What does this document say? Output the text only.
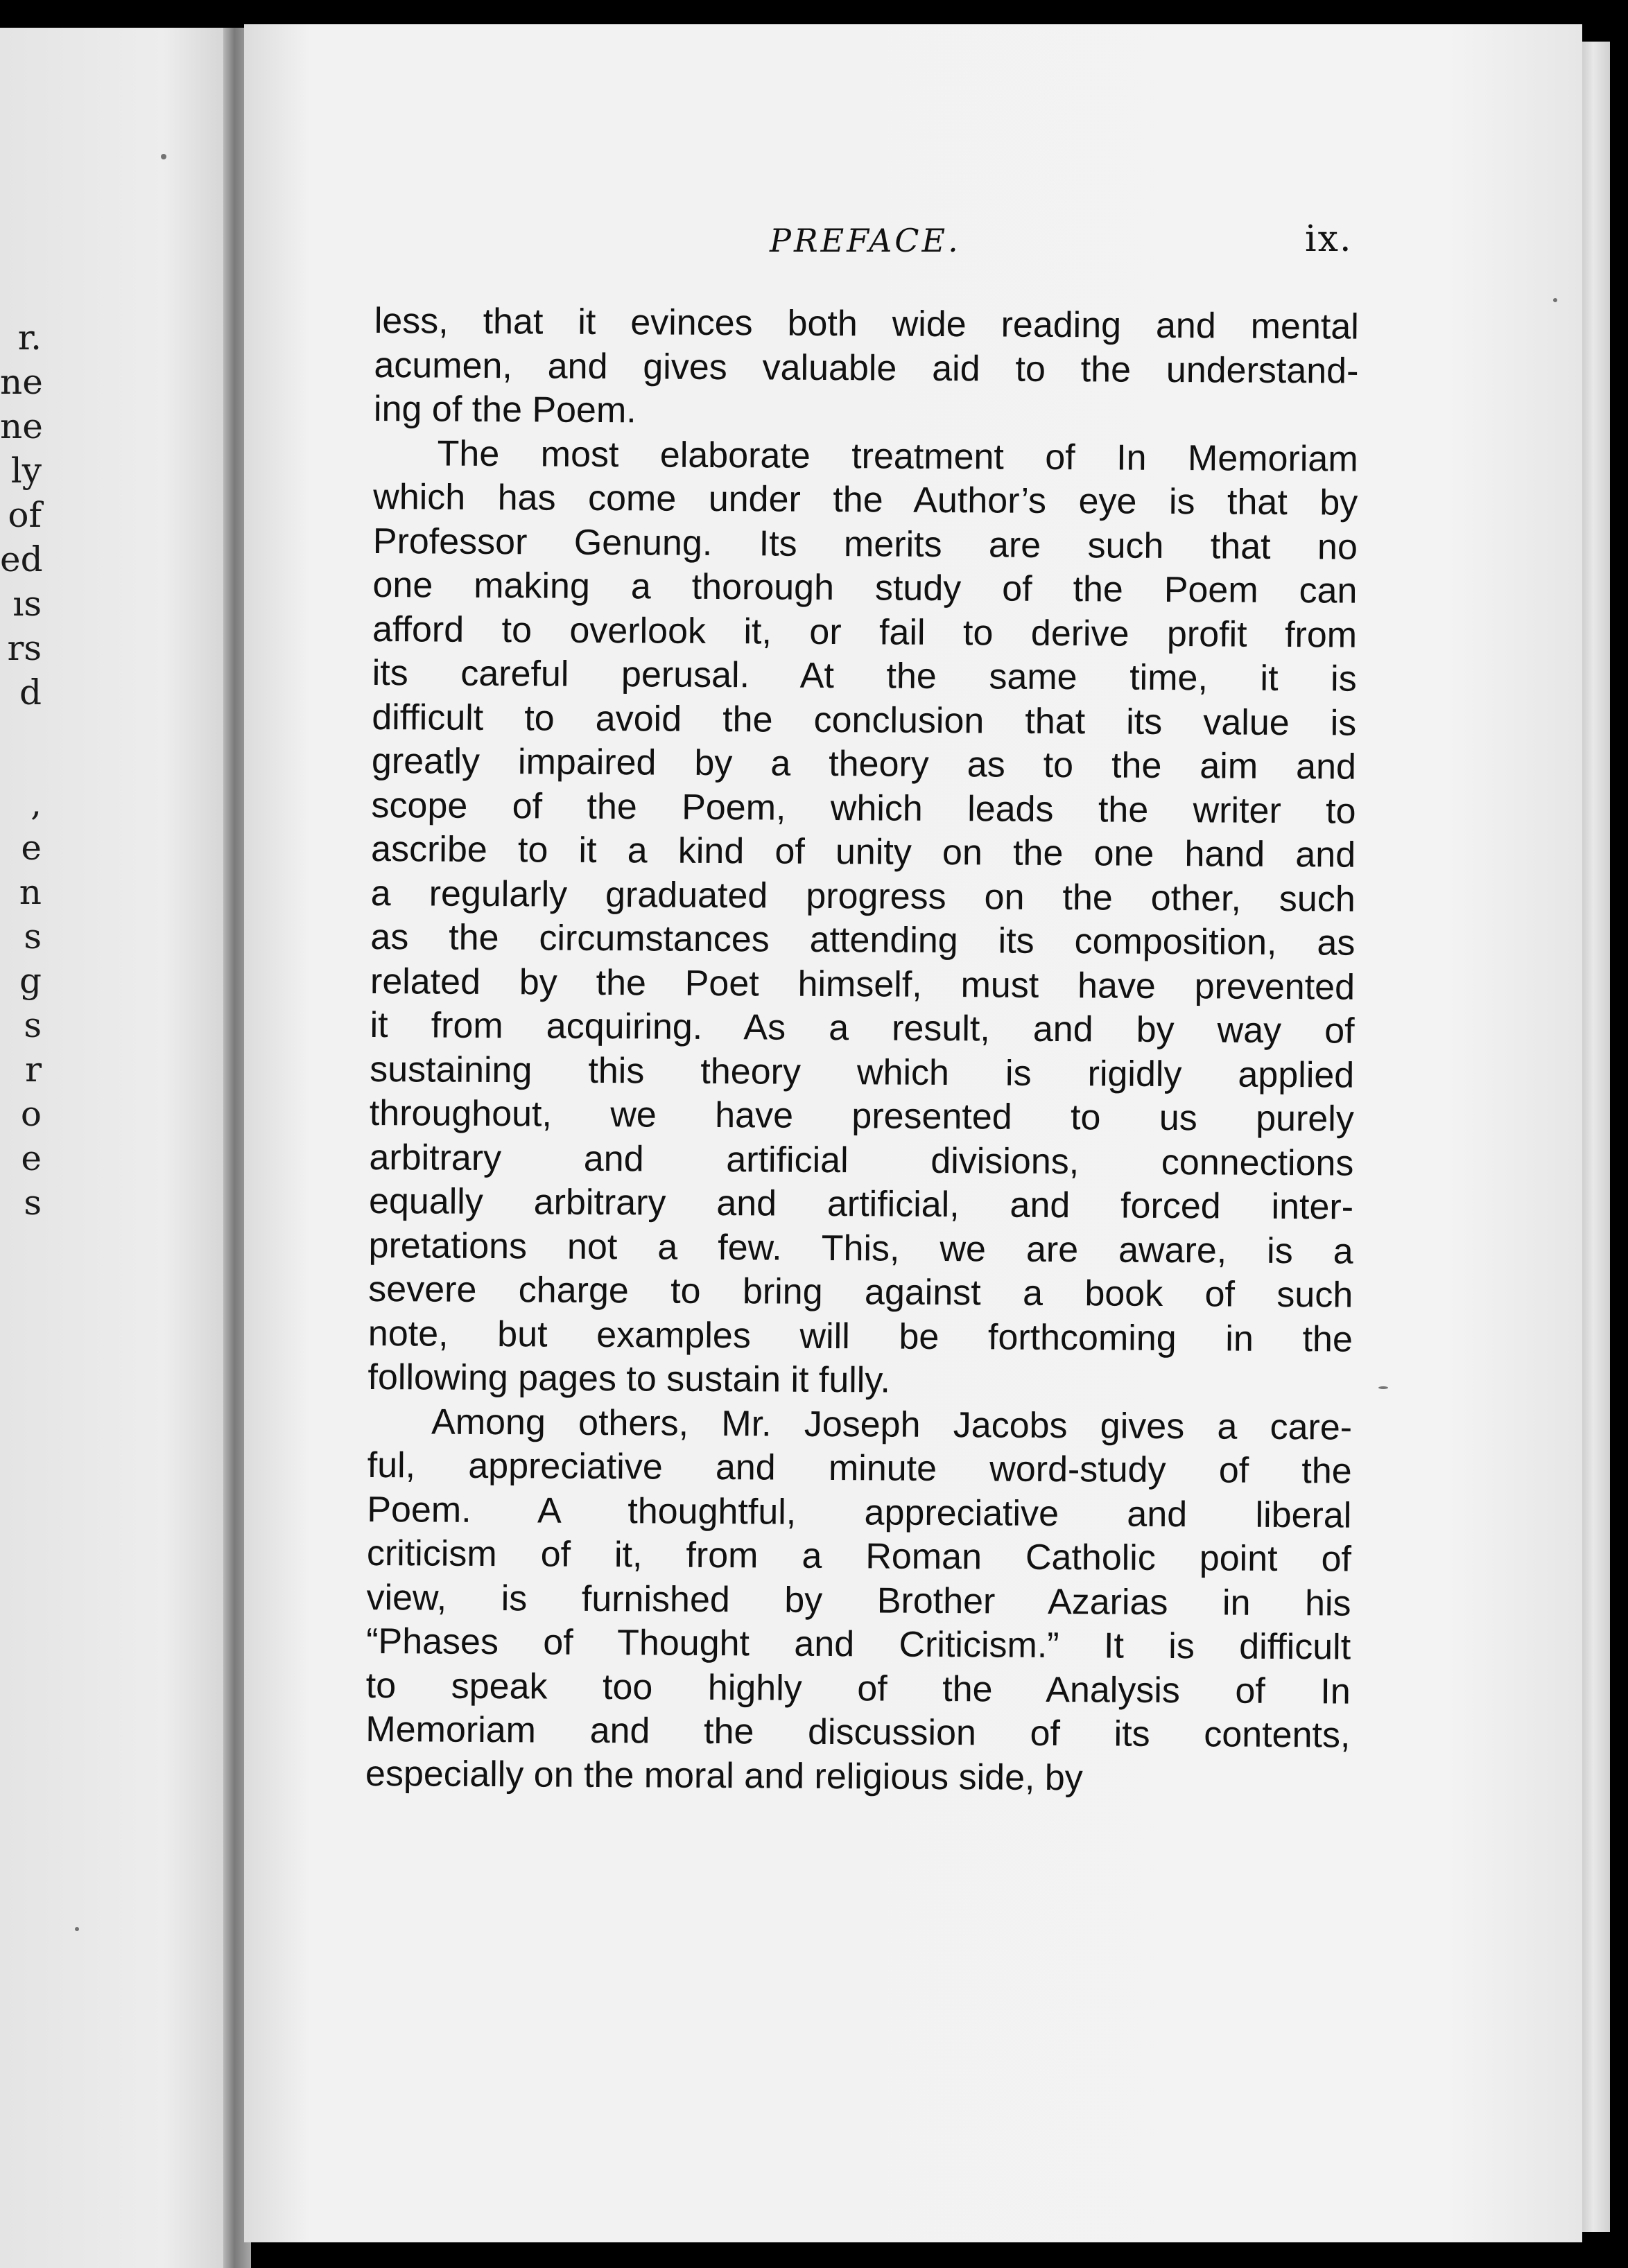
r.
ne
ne
ly
of
ed
ıs
rs
d
,
e
n
s
g
s
r
o
e
s
PREFACE.	ix.
less, that it evinces both wide reading and mental
acumen, and gives valuable aid to the understand-
ing of the Poem.
The most elaborate treatment of In Memoriam
which has come under the Author’s eye is that by
Professor Genung. Its merits are such that no
one making a thorough study of the Poem can
afford to overlook it, or fail to derive profit from
its careful perusal. At the same time, it is
difficult to avoid the conclusion that its value is
greatly impaired by a theory as to the aim and
scope of the Poem, which leads the writer to
ascribe to it a kind of unity on the one hand and
a regularly graduated progress on the other, such
as the circumstances attending its composition, as
related by the Poet himself, must have prevented
it from acquiring. As a result, and by way of
sustaining this theory which is rigidly applied
throughout, we have presented to us purely
arbitrary and artificial divisions, connections
equally arbitrary and artificial, and forced inter-
pretations not a few. This, we are aware, is a
severe charge to bring against a book of such
note, but examples will be forthcoming in the
following pages to sustain it fully.
Among others, Mr. Joseph Jacobs gives a care-
ful, appreciative and minute word-study of the
Poem. A thoughtful, appreciative and liberal
criticism of it, from a Roman Catholic point of
view, is furnished by Brother Azarias in his
“Phases of Thought and Criticism.” It is difficult
to speak too highly of the Analysis of In
Memoriam and the discussion of its contents,
especially on the moral and religious side, by
